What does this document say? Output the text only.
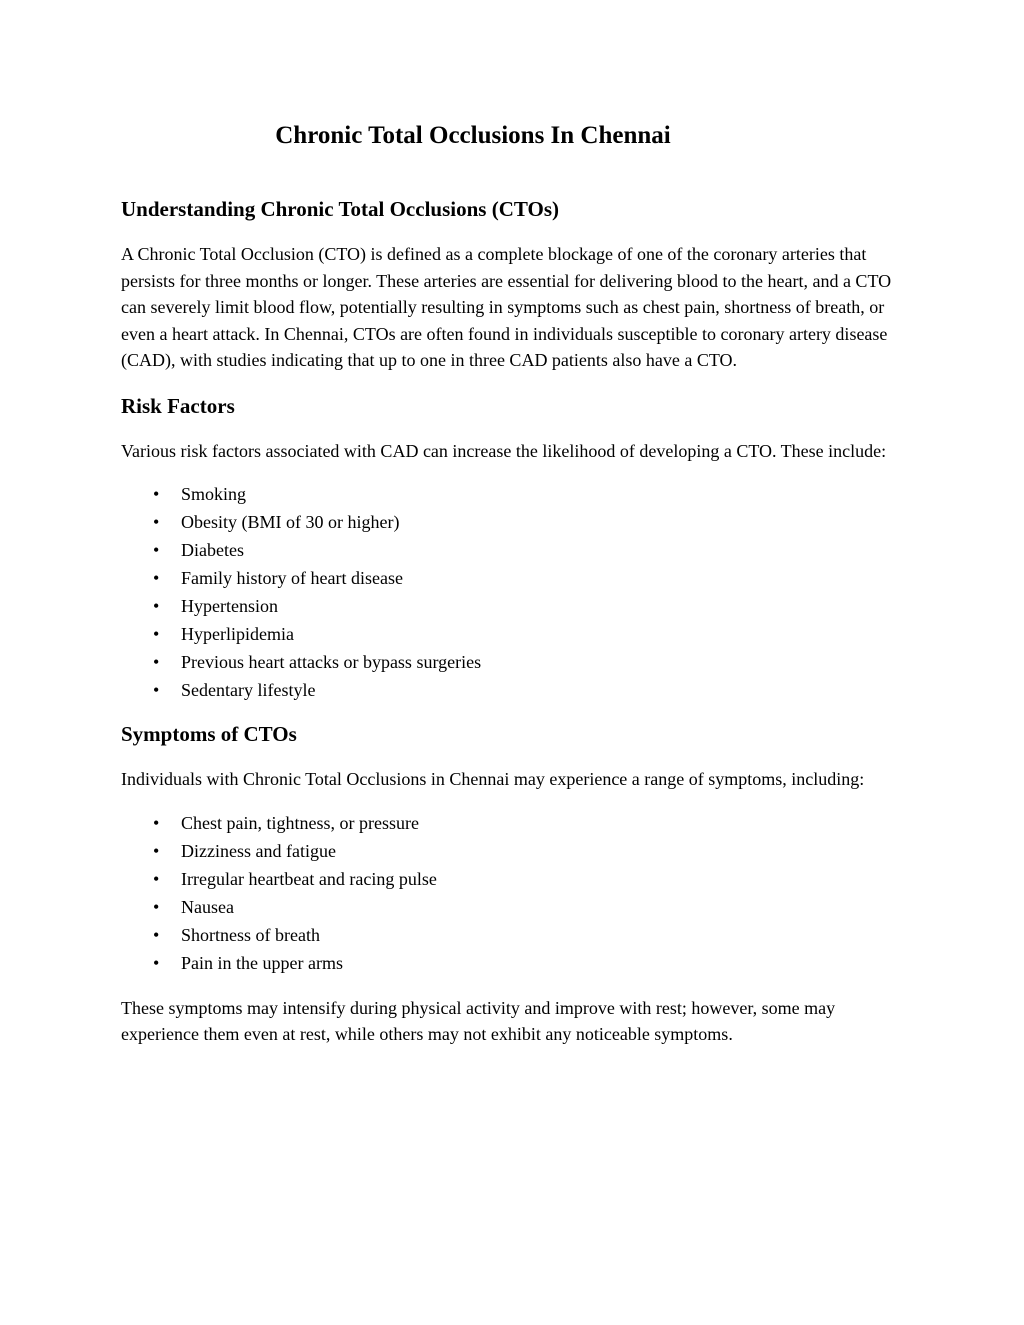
Chronic Total Occlusions In Chennai
Understanding Chronic Total Occlusions (CTOs)

A Chronic Total Occlusion (CTO) is defined as a complete blockage of one of the coronary arteries that persists for three months or longer. These arteries are essential for delivering blood to the heart, and a CTO can severely limit blood flow, potentially resulting in symptoms such as chest pain, shortness of breath, or even a heart attack. In Chennai, CTOs are often found in individuals susceptible to coronary artery disease (CAD), with studies indicating that up to one in three CAD patients also have a CTO.

Risk Factors

Various risk factors associated with CAD can increase the likelihood of developing a CTO. These include:

•	Smoking
•	Obesity (BMI of 30 or higher)
•	Diabetes
•	Family history of heart disease
•	Hypertension
•	Hyperlipidemia
•	Previous heart attacks or bypass surgeries
•	Sedentary lifestyle
Symptoms of CTOs

Individuals with Chronic Total Occlusions in Chennai may experience a range of symptoms, including:

•	Chest pain, tightness, or pressure
•	Dizziness and fatigue
•	Irregular heartbeat and racing pulse
•	Nausea
•	Shortness of breath
•	Pain in the upper arms

These symptoms may intensify during physical activity and improve with rest; however, some may experience them even at rest, while others may not exhibit any noticeable symptoms.
